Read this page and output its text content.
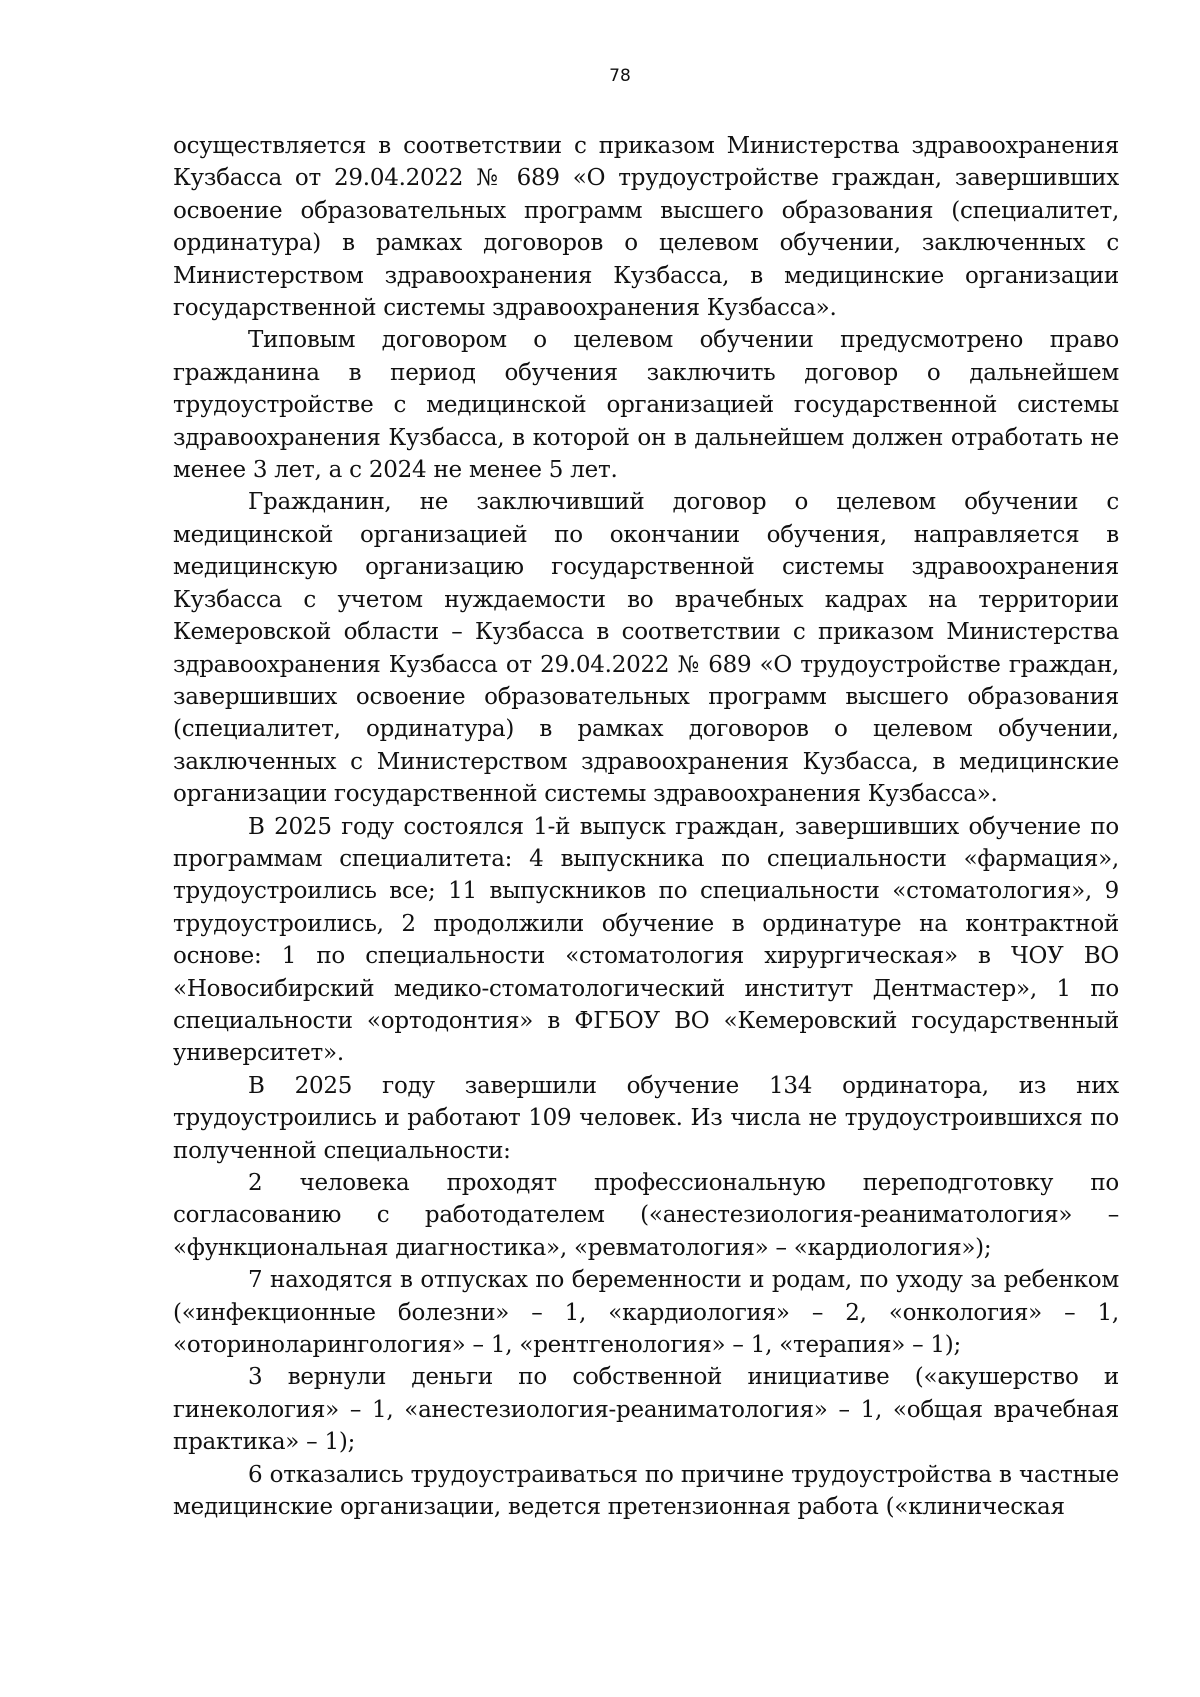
78

осуществляется в соответствии с приказом Министерства здравоохранения Кузбасса от 29.04.2022 № 689 «О трудоустройстве граждан, завершивших освоение образовательных программ высшего образования (специалитет, ординатура) в рамках договоров о целевом обучении, заключенных с Министерством здравоохранения Кузбасса, в медицинские организации государственной системы здравоохранения Кузбасса».

Типовым договором о целевом обучении предусмотрено право гражданина в период обучения заключить договор о дальнейшем трудоустройстве с медицинской организацией государственной системы здравоохранения Кузбасса, в которой он в дальнейшем должен отработать не менее 3 лет, а с 2024 не менее 5 лет.

Гражданин, не заключивший договор о целевом обучении с медицинской организацией по окончании обучения, направляется в медицинскую организацию государственной системы здравоохранения Кузбасса с учетом нуждаемости во врачебных кадрах на территории Кемеровской области – Кузбасса в соответствии с приказом Министерства здравоохранения Кузбасса от 29.04.2022 № 689 «О трудоустройстве граждан, завершивших освоение образовательных программ высшего образования (специалитет, ординатура) в рамках договоров о целевом обучении, заключенных с Министерством здравоохранения Кузбасса, в медицинские организации государственной системы здравоохранения Кузбасса».

В 2025 году состоялся 1-й выпуск граждан, завершивших обучение по программам специалитета: 4 выпускника по специальности «фармация», трудоустроились все; 11 выпускников по специальности «стоматология», 9 трудоустроились, 2 продолжили обучение в ординатуре на контрактной основе: 1 по специальности «стоматология хирургическая» в ЧОУ ВО «Новосибирский медико-стоматологический институт Дентмастер», 1 по специальности «ортодонтия» в ФГБОУ ВО «Кемеровский государственный университет».

В 2025 году завершили обучение 134 ординатора, из них трудоустроились и работают 109 человек. Из числа не трудоустроившихся по полученной специальности:

2 человека проходят профессиональную переподготовку по согласованию с работодателем («анестезиология-реаниматология» – «функциональная диагностика», «ревматология» – «кардиология»);

7 находятся в отпусках по беременности и родам, по уходу за ребенком («инфекционные болезни» – 1, «кардиология» – 2, «онкология» – 1, «оториноларингология» – 1, «рентгенология» – 1, «терапия» – 1);

3 вернули деньги по собственной инициативе («акушерство и гинекология» – 1, «анестезиология-реаниматология» – 1, «общая врачебная практика» – 1);

6 отказались трудоустраиваться по причине трудоустройства в частные медицинские организации, ведется претензионная работа («клиническая
